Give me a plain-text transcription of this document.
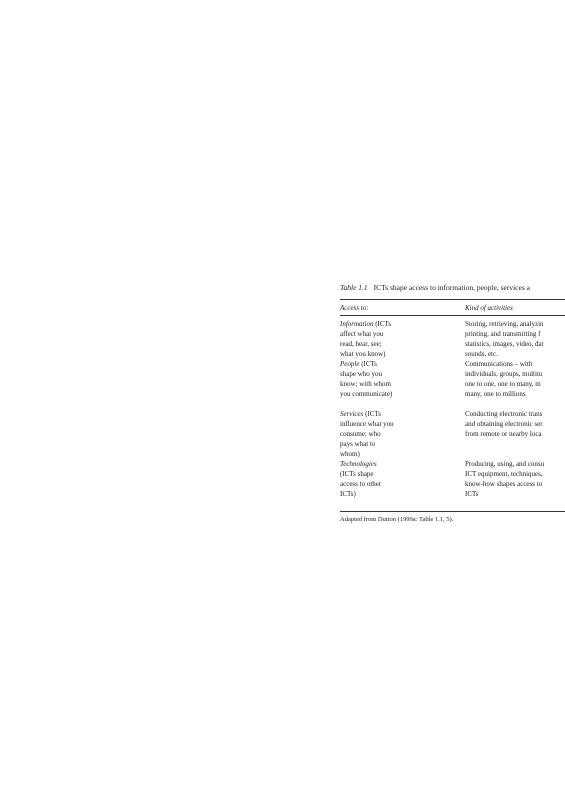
Table 1.1 ICTs shape access to information, people, services a
Access to:	Kind of activities
Information (ICTs
affect what you
read, hear, see;
what you know)
Storing, retrieving, analyzin
printing, and transmitting f
statistics, images, video, dat
sounds, etc.
People (ICTs
shape who you
know; with whom
you communicate)
Communications – with
individuals, groups, multitu
one to one, one to many, m
many, one to millions
Services (ICTs
influence what you
consume; who
pays what to
whom)
Conducting electronic trans
and obtaining electronic ser
from remote or nearby loca
Technologies
(ICTs shape
access to other
ICTs)
Producing, using, and consu
ICT equipment, techniques,
know-how shapes access to
ICTs
Adapted from Dutton (1999a: Table 1.1, 5).
